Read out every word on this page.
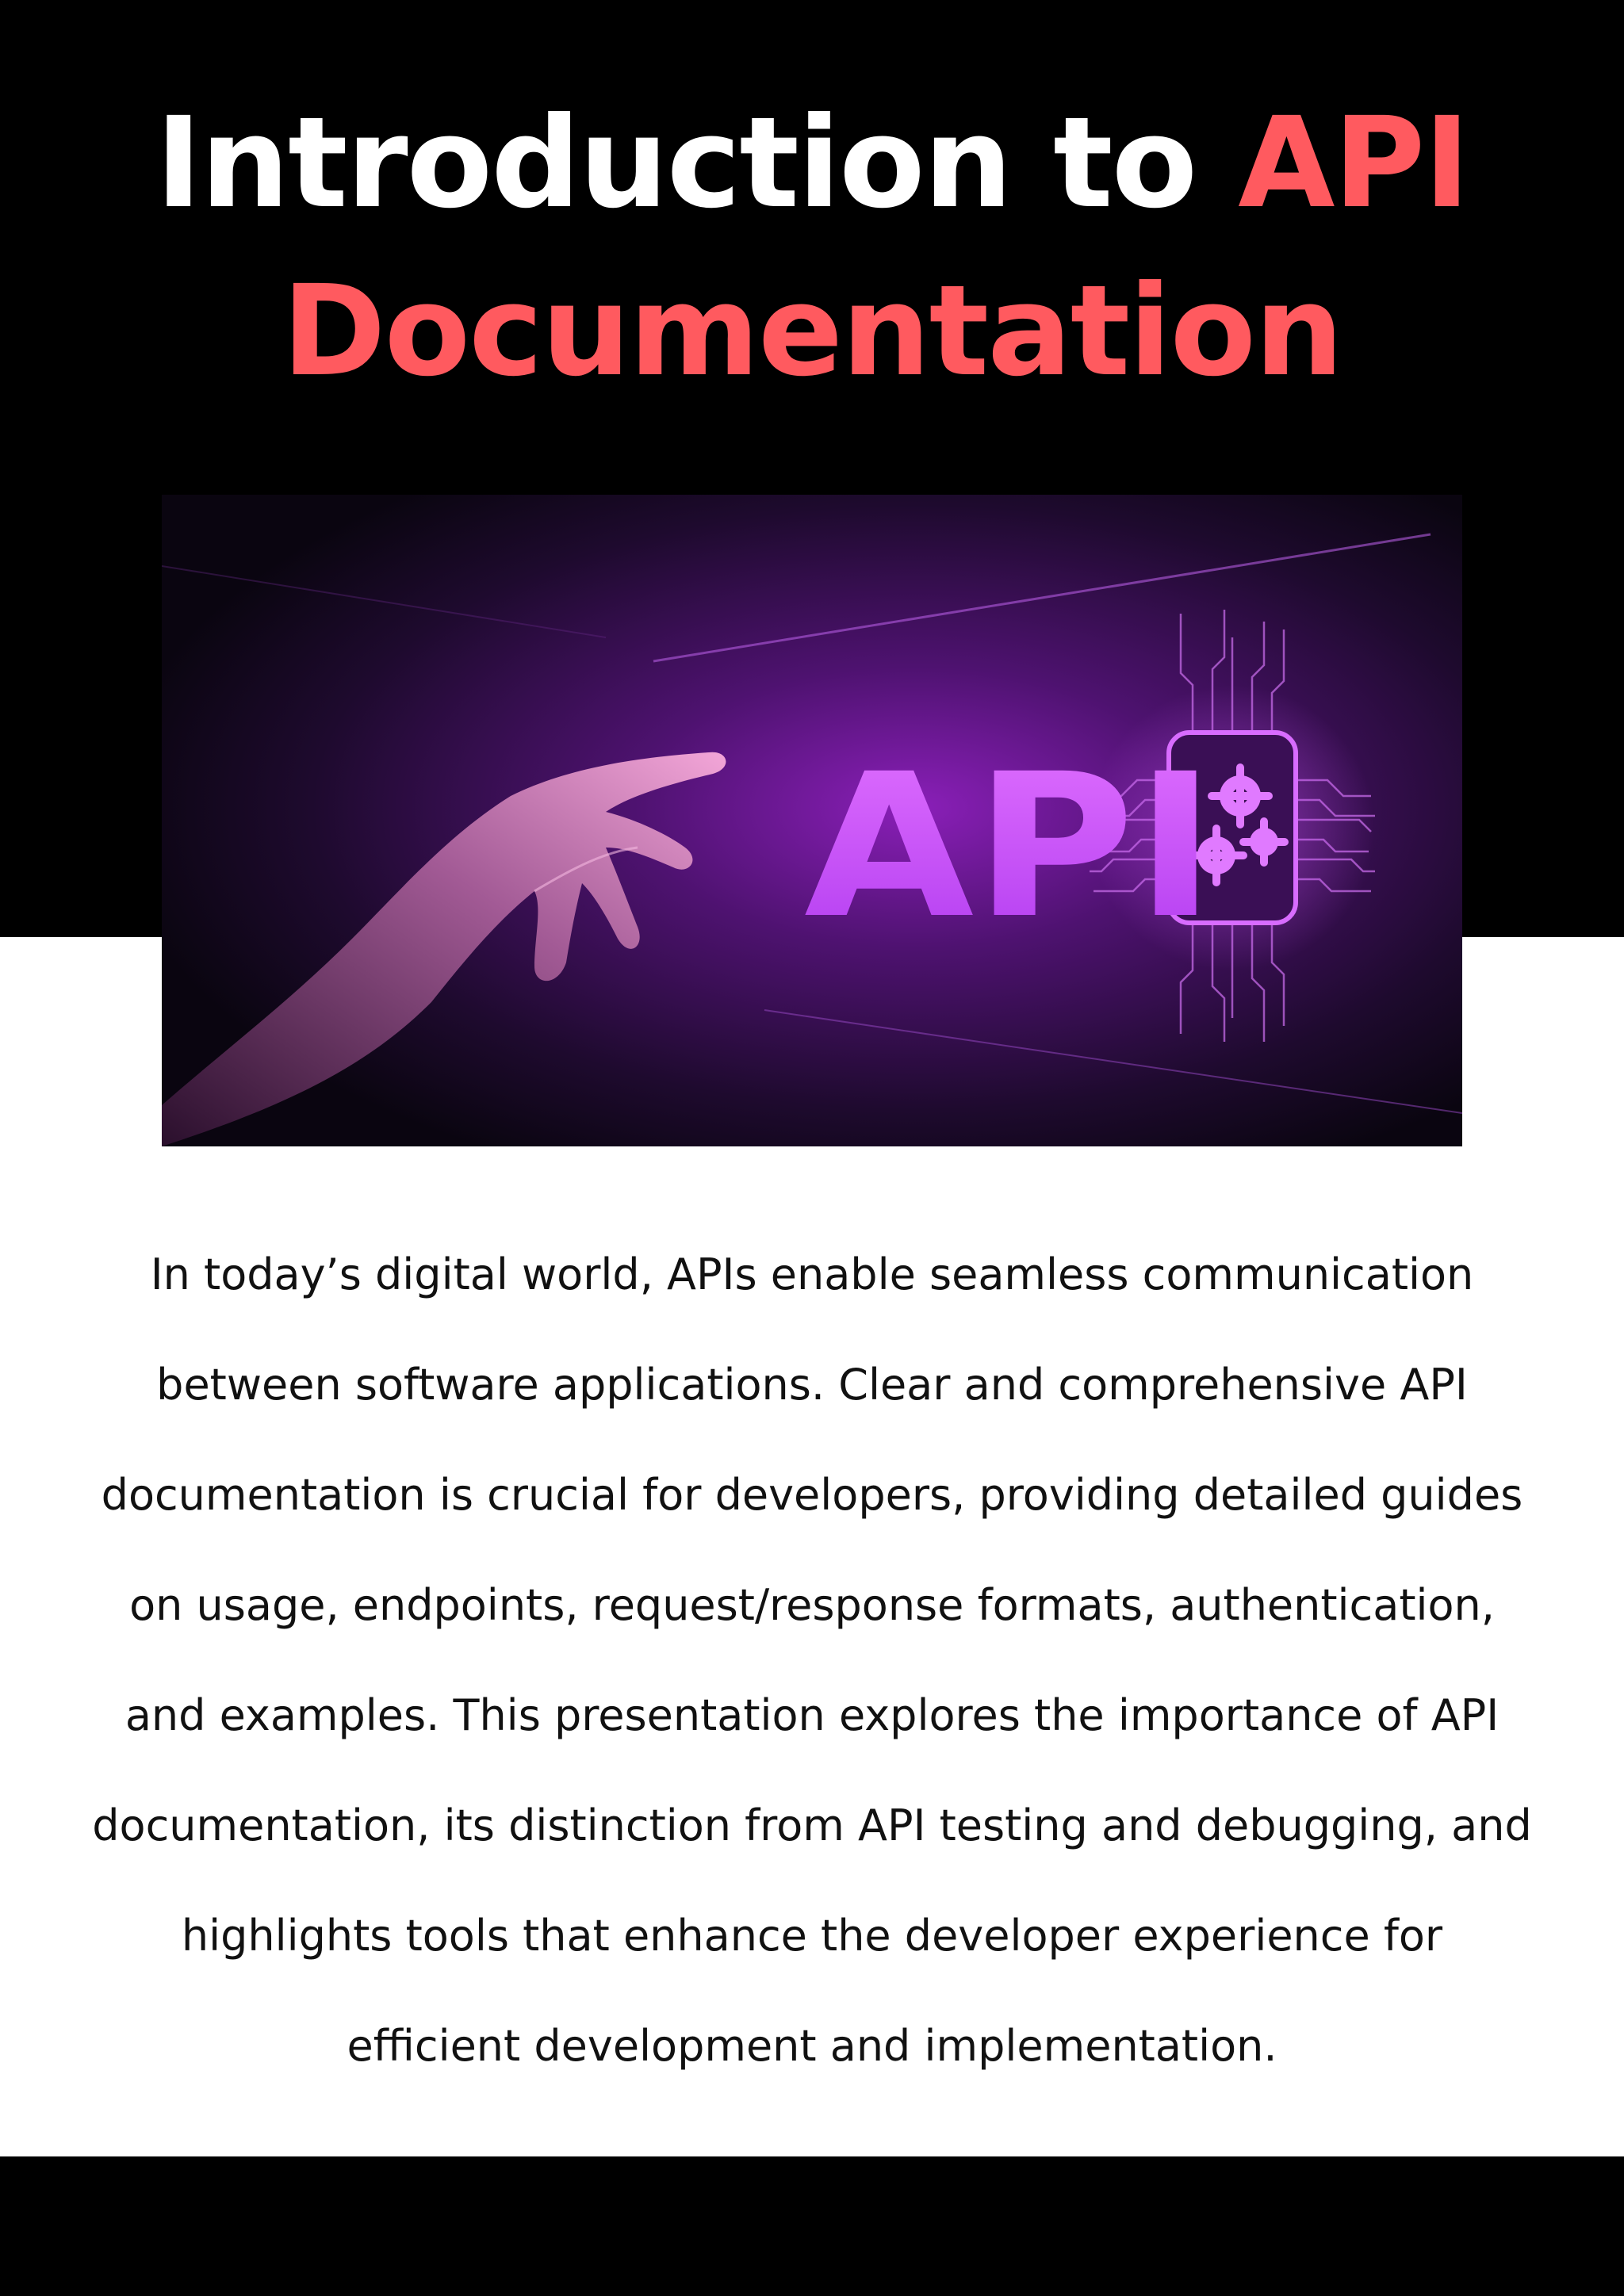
Introduction to API
Documentation
API

In today’s digital world, APIs enable seamless communication
between software applications. Clear and comprehensive API
documentation is crucial for developers, providing detailed guides
on usage, endpoints, request/response formats, authentication,
and examples. This presentation explores the importance of API
documentation, its distinction from API testing and debugging, and
highlights tools that enhance the developer experience for
efficient development and implementation.
